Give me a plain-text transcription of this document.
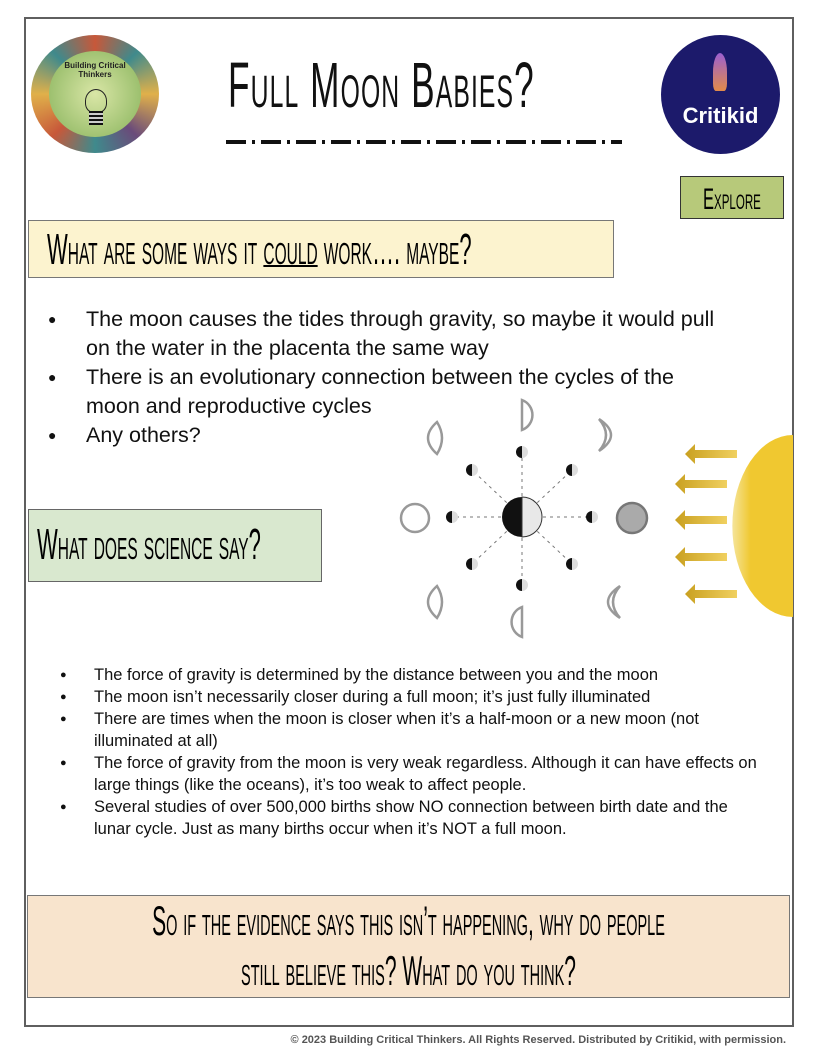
Building Critical
Thinkers	Full Moon Babies?	Critikid
Explore
What are some ways it could work…. maybe?
● The moon causes the tides through gravity, so maybe it would pull on the water in the placenta the same way
● There is an evolutionary connection between the cycles of the moon and reproductive cycles
● Any others?
What does science say?
● The force of gravity is determined by the distance between you and the moon
● The moon isn’t necessarily closer during a full moon; it’s just fully illuminated
● There are times when the moon is closer when it’s a half-moon or a new moon (not illuminated at all)
● The force of gravity from the moon is very weak regardless. Although it can have effects on large things (like the oceans), it’s too weak to affect people.
● Several studies of over 500,000 births show NO connection between birth date and the lunar cycle. Just as many births occur when it’s NOT a full moon.
So if the evidence says this isn’t happening, why do people
still believe this? What do you think?
© 2023 Building Critical Thinkers. All Rights Reserved. Distributed by Critikid, with permission.
